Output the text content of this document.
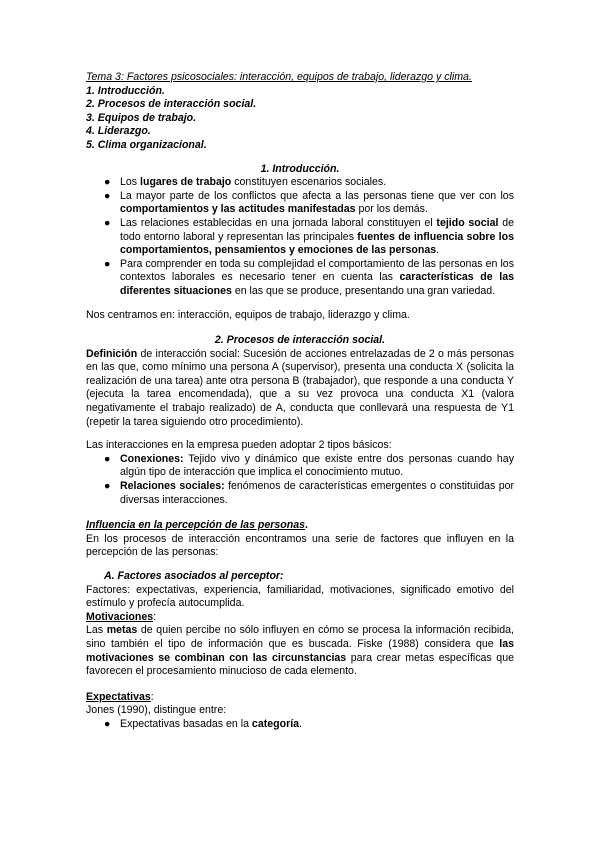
Tema 3: Factores psicosociales: interacción, equipos de trabajo, liderazgo y clima.

1. Introducción.

2. Procesos de interacción social.

3. Equipos de trabajo.

4. Liderazgo.

5. Clima organizacional.

1. Introducción.

● Los lugares de trabajo constituyen escenarios sociales.
● La mayor parte de los conflictos que afecta a las personas tiene que ver con los comportamientos y las actitudes manifestadas por los demás.
● Las relaciones establecidas en una jornada laboral constituyen el tejido social de todo entorno laboral y representan las principales fuentes de influencia sobre los comportamientos, pensamientos y emociones de las personas.
● Para comprender en toda su complejidad el comportamiento de las personas en los contextos laborales es necesario tener en cuenta las características de las diferentes situaciones en las que se produce, presentando una gran variedad.

Nos centramos en: interacción, equipos de trabajo, liderazgo y clima.

2. Procesos de interacción social.

Definición de interacción social: Sucesión de acciones entrelazadas de 2 o más personas en las que, como mínimo una persona A (supervisor), presenta una conducta X (solicita la realización de una tarea) ante otra persona B (trabajador), que responde a una conducta Y (ejecuta la tarea encomendada), que a su vez provoca una conducta X1 (valora negativamente el trabajo realizado) de A, conducta que conllevará una respuesta de Y1 (repetir la tarea siguiendo otro procedimiento).

Las interacciones en la empresa pueden adoptar 2 tipos básicos:

● Conexiones: Tejido vivo y dinámico que existe entre dos personas cuando hay algún tipo de interacción que implica el conocimiento mutuo.
● Relaciones sociales: fenómenos de características emergentes o constituidas por diversas interacciones.

Influencia en la percepción de las personas.

En los procesos de interacción encontramos una serie de factores que influyen en la percepción de las personas:

A. Factores asociados al perceptor:

Factores: expectativas, experiencia, familiaridad, motivaciones, significado emotivo del estímulo y profecía autocumplida.

Motivaciones:

Las metas de quien percibe no sólo influyen en cómo se procesa la información recibida, sino también el tipo de información que es buscada. Fiske (1988) considera que las motivaciones se combinan con las circunstancias para crear metas específicas que favorecen el procesamiento minucioso de cada elemento.

Expectativas:

Jones (1990), distingue entre:

● Expectativas basadas en la categoría.
